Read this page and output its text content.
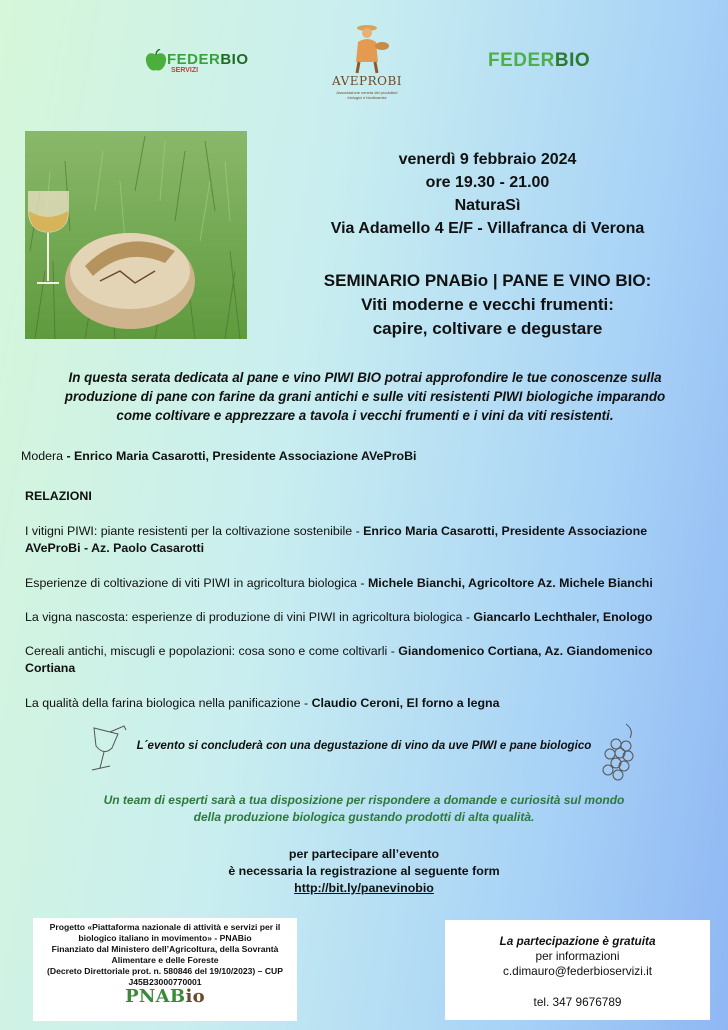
FEDERBIO
SERVIZI
AVEPROBI
Associazione veneta dei produttori biologici e biodinamici
FEDERBIO
venerdì 9 febbraio 2024
ore 19.30 - 21.00
NaturaSì
Via Adamello 4 E/F - Villafranca di Verona
SEMINARIO PNABio | PANE E VINO BIO:
Viti moderne e vecchi frumenti:
capire, coltivare e degustare
In questa serata dedicata al pane e vino PIWI BIO potrai approfondire le tue conoscenze sulla
produzione di pane con farine da grani antichi e sulle viti resistenti PIWI biologiche imparando
come coltivare e apprezzare a tavola i vecchi frumenti e i vini da viti resistenti.
Modera - Enrico Maria Casarotti, Presidente Associazione AVeProBi
RELAZIONI
I vitigni PIWI: piante resistenti per la coltivazione sostenibile - Enrico Maria Casarotti, Presidente Associazione AVeProBi - Az. Paolo Casarotti
Esperienze di coltivazione di viti PIWI in agricoltura biologica - Michele Bianchi, Agricoltore Az. Michele Bianchi
La vigna nascosta: esperienze di produzione di vini PIWI in agricoltura biologica - Giancarlo Lechthaler, Enologo
Cereali antichi, miscugli e popolazioni: cosa sono e come coltivarli - Giandomenico Cortiana, Az. Giandomenico Cortiana
La qualità della farina biologica nella panificazione - Claudio Ceroni, El forno a legna
L´evento si concluderà con una degustazione di vino da uve PIWI e pane biologico
Un team di esperti sarà a tua disposizione per rispondere a domande e curiosità sul mondo
della produzione biologica gustando prodotti di alta qualità.
per partecipare all’evento
è necessaria la registrazione al seguente form
http://bit.ly/panevinobio
Progetto «Piattaforma nazionale di attività e servizi per il
biologico italiano in movimento» - PNABio
Finanziato dal Ministero dell’Agricoltura, della Sovrantà
Alimentare e delle Foreste
(Decreto Direttoriale prot. n. 580846 del 19/10/2023) – CUP
J45B23000770001
PNABio
La partecipazione è gratuita
per informazioni
c.dimauro@federbioservizi.it
tel. 347 9676789
